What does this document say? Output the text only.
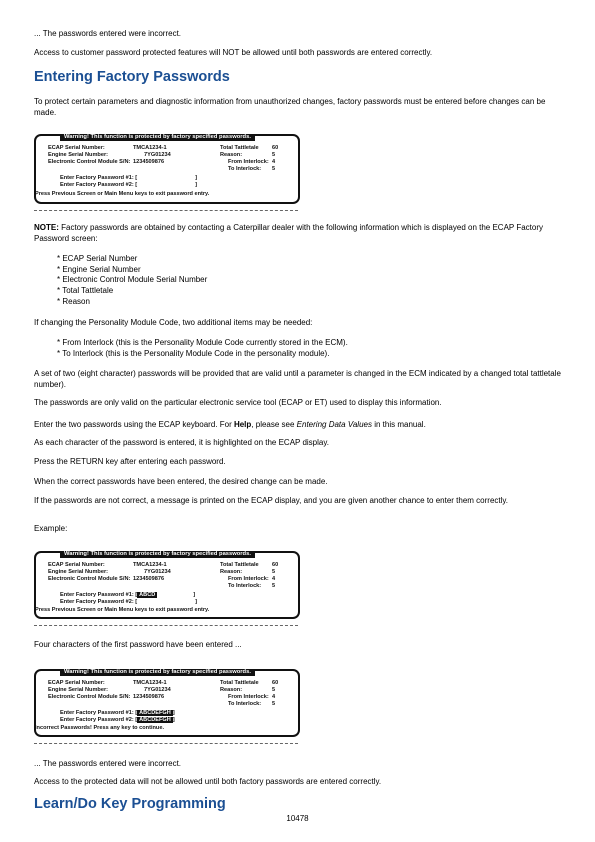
... The passwords entered were incorrect.
Access to customer password protected features will NOT be allowed until both passwords are entered correctly.
Entering Factory Passwords
To protect certain parameters and diagnostic information from unauthorized changes, factory passwords must be entered before changes can be made.
Warning! This function is protected by factory specified passwords.
ECAP Serial Number:	TMCA1234-1	Total Tattletale 60
Engine Serial Number:	7YG01234	Reason:	5
Electronic Control Module S/N: 1234509876	From Interlock: 4
To Interlock: 5
Enter Factory Password #1: [	]
Enter Factory Password #2: [	]
Press Previous Screen or Main Menu keys to exit password entry.
NOTE: Factory passwords are obtained by contacting a Caterpillar dealer with the following information which is displayed on the ECAP Factory Password screen:
* ECAP Serial Number
* Engine Serial Number
* Electronic Control Module Serial Number
* Total Tattletale
* Reason
If changing the Personality Module Code, two additional items may be needed:
* From Interlock (this is the Personality Module Code currently stored in the ECM).
* To Interlock (this is the Personality Module Code in the personality module).
A set of two (eight character) passwords will be provided that are valid until a parameter is changed in the ECM indicated by a changed total tattletale number).
The passwords are only valid on the particular electronic service tool (ECAP or ET) used to display this information.
Enter the two passwords using the ECAP keyboard. For Help, please see Entering Data Values in this manual.
As each character of the password is entered, it is highlighted on the ECAP display.
Press the RETURN key after entering each password.
When the correct passwords have been entered, the desired change can be made.
If the passwords are not correct, a message is printed on the ECAP display, and you are given another chance to enter them correctly.
Example:
Warning! This function is protected by factory specified passwords.
ECAP Serial Number:	TMCA1234-1	Total Tattletale 60
Engine Serial Number:	7YG01234	Reason:	5
Electronic Control Module S/N: 1234509876	From Interlock: 4
To Interlock: 5
Enter Factory Password #1: [ ABCD	]
Enter Factory Password #2: [	]
Press Previous Screen or Main Menu keys to exit password entry.
Four characters of the first password have been entered ...
Warning! This function is protected by factory specified passwords.
ECAP Serial Number:	TMCA1234-1	Total Tattletale 60
Engine Serial Number:	7YG01234	Reason:	5
Electronic Control Module S/N: 1234509876	From Interlock: 4
To Interlock: 5
Enter Factory Password #1: [ ABCDEFGH ]
Enter Factory Password #2: [ ABCDEFGH ]
Incorrect Passwords! Press any key to continue.
... The passwords entered were incorrect.
Access to the protected data will not be allowed until both factory passwords are entered correctly.
Learn/Do Key Programming
10478
